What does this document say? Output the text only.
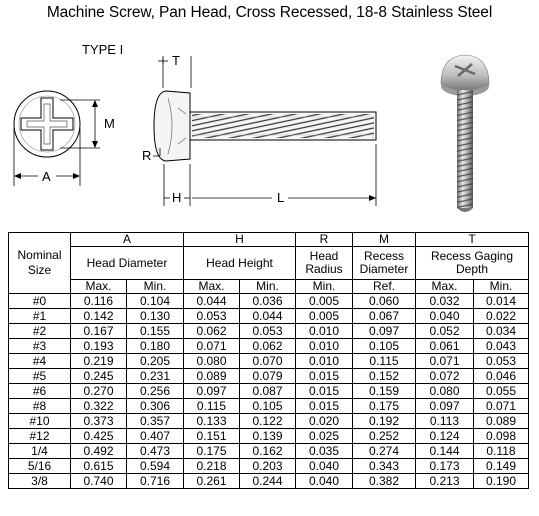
Machine Screw, Pan Head, Cross Recessed, 18-8 Stainless Steel
TYPE I
M
A
T
R
H	L
Nominal Size	A		H		R	M	T	
	Head Diameter		Head Height		Head Radius	Recess Diameter	Recess Gaging Depth	
	Max.	Min.	Max.	Min.	Min.	Ref.	Max.	Min.
#0	0.116	0.104	0.044	0.036	0.005	0.060	0.032	0.014
#1	0.142	0.130	0.053	0.044	0.005	0.067	0.040	0.022
#2	0.167	0.155	0.062	0.053	0.010	0.097	0.052	0.034
#3	0.193	0.180	0.071	0.062	0.010	0.105	0.061	0.043
#4	0.219	0.205	0.080	0.070	0.010	0.115	0.071	0.053
#5	0.245	0.231	0.089	0.079	0.015	0.152	0.072	0.046
#6	0.270	0.256	0.097	0.087	0.015	0.159	0.080	0.055
#8	0.322	0.306	0.115	0.105	0.015	0.175	0.097	0.071
#10	0.373	0.357	0.133	0.122	0.020	0.192	0.113	0.089
#12	0.425	0.407	0.151	0.139	0.025	0.252	0.124	0.098
1/4	0.492	0.473	0.175	0.162	0.035	0.274	0.144	0.118
5/16	0.615	0.594	0.218	0.203	0.040	0.343	0.173	0.149
3/8	0.740	0.716	0.261	0.244	0.040	0.382	0.213	0.190
